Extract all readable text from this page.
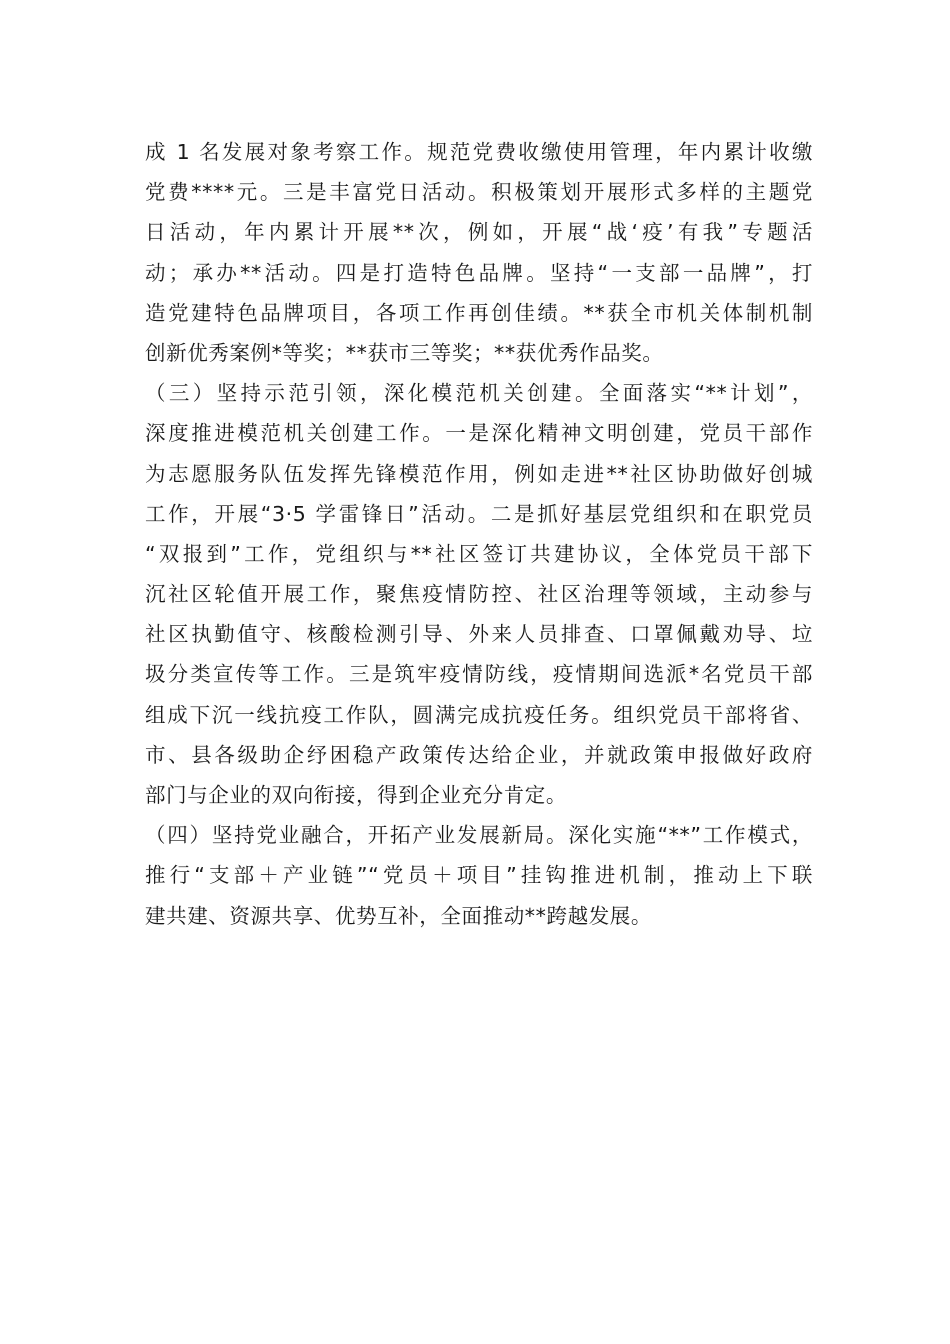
成 1 名发展对象考察工作。规范党费收缴使用管理，年内累计收缴
党费****元。三是丰富党日活动。积极策划开展形式多样的主题党
日活动，年内累计开展**次，例如，开展“战‘疫’有我”专题活
动；承办**活动。四是打造特色品牌。坚持“一支部一品牌”，打
造党建特色品牌项目，各项工作再创佳绩。**获全市机关体制机制
创新优秀案例*等奖；**获市三等奖；**获优秀作品奖。
（三）坚持示范引领，深化模范机关创建。全面落实“**计划”，
深度推进模范机关创建工作。一是深化精神文明创建，党员干部作
为志愿服务队伍发挥先锋模范作用，例如走进**社区协助做好创城
工作，开展“3·5 学雷锋日”活动。二是抓好基层党组织和在职党员
“双报到”工作，党组织与**社区签订共建协议，全体党员干部下
沉社区轮值开展工作，聚焦疫情防控、社区治理等领域，主动参与
社区执勤值守、核酸检测引导、外来人员排查、口罩佩戴劝导、垃
圾分类宣传等工作。三是筑牢疫情防线，疫情期间选派*名党员干部
组成下沉一线抗疫工作队，圆满完成抗疫任务。组织党员干部将省、
市、县各级助企纾困稳产政策传达给企业，并就政策申报做好政府
部门与企业的双向衔接，得到企业充分肯定。
（四）坚持党业融合，开拓产业发展新局。深化实施“**”工作模式，
推行“支部＋产业链”“党员＋项目”挂钩推进机制，推动上下联
建共建、资源共享、优势互补，全面推动**跨越发展。
